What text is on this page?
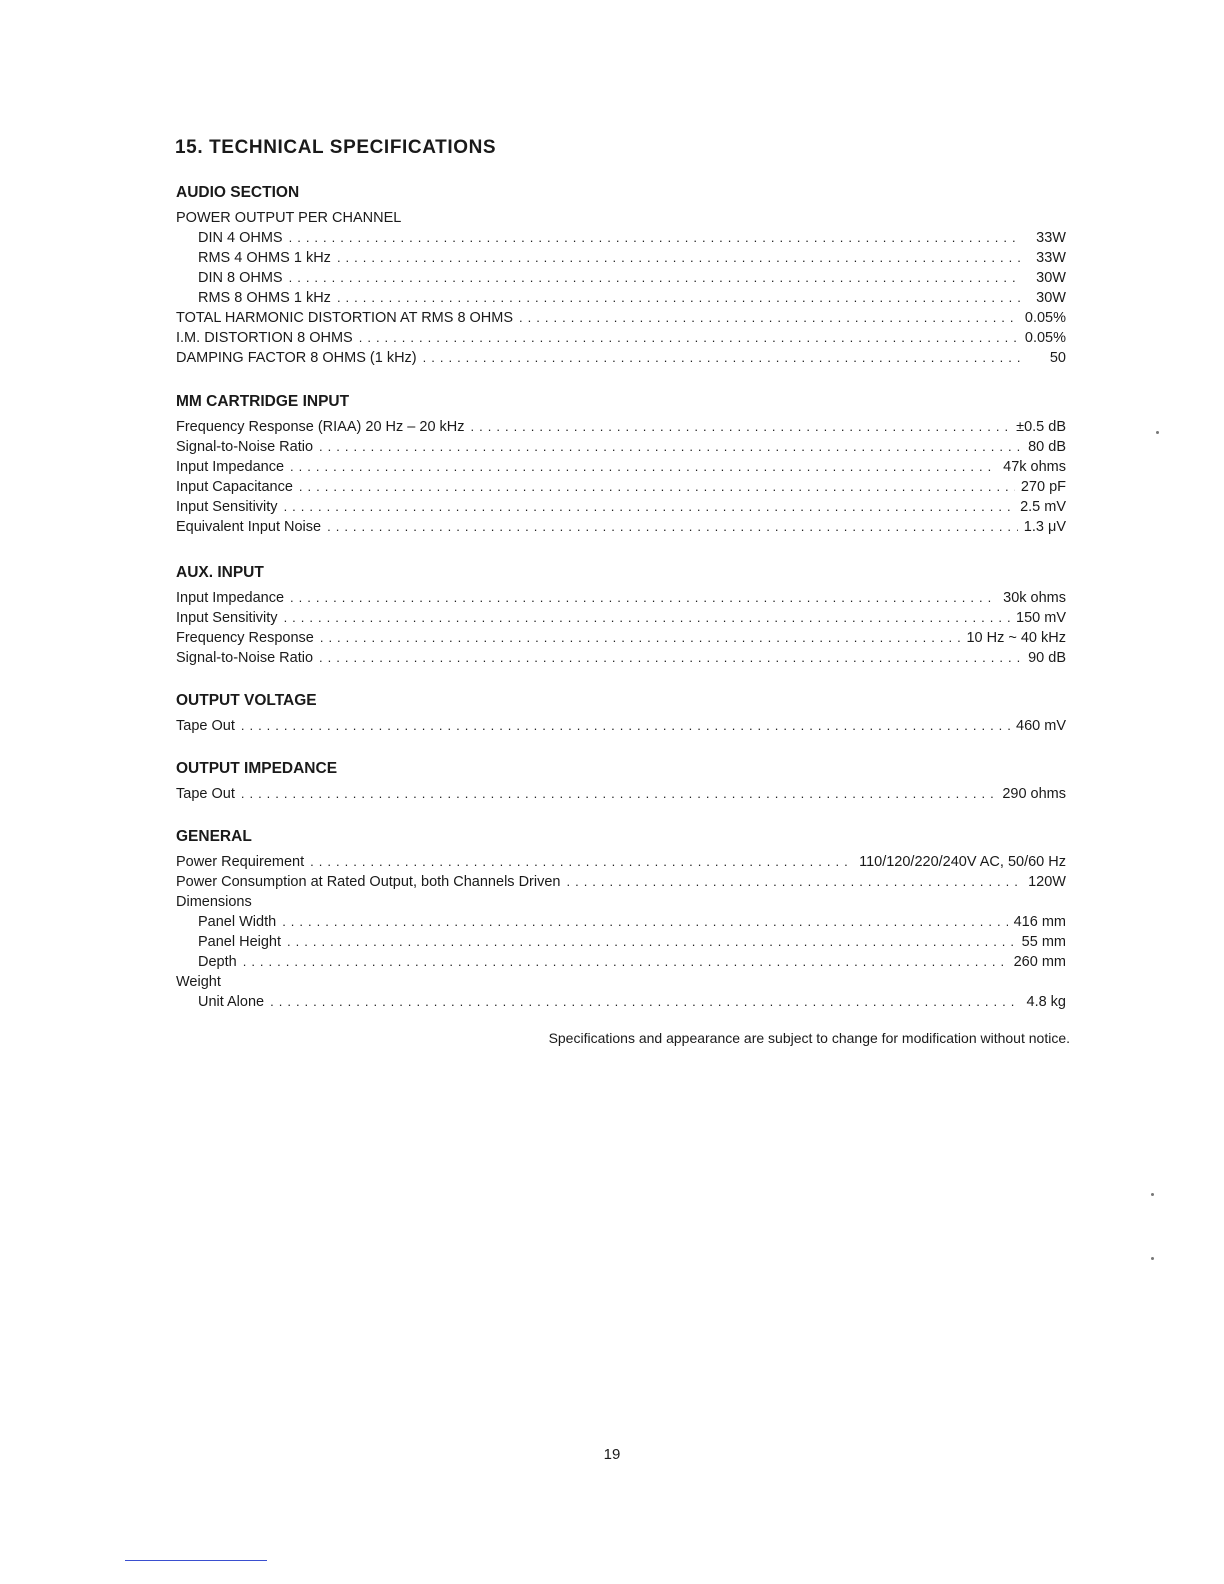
15. TECHNICAL SPECIFICATIONS
AUDIO SECTION
POWER OUTPUT PER CHANNEL
DIN 4 OHMS .....	33W
RMS 4 OHMS 1 kHz .....	33W
DIN 8 OHMS .....	30W
RMS 8 OHMS 1 kHz .....	30W
TOTAL HARMONIC DISTORTION AT RMS 8 OHMS .....	0.05%
I.M. DISTORTION 8 OHMS .....	0.05%
DAMPING FACTOR 8 OHMS (1 kHz) .....	50
MM CARTRIDGE INPUT
Frequency Response (RIAA) 20 Hz – 20 kHz .....	±0.5 dB
Signal-to-Noise Ratio .....	80 dB
Input Impedance .....	47k ohms
Input Capacitance .....	270 pF
Input Sensitivity .....	2.5 mV
Equivalent Input Noise .....	1.3 μV
AUX. INPUT
Input Impedance .....	30k ohms
Input Sensitivity .....	150 mV
Frequency Response .....	10 Hz ~ 40 kHz
Signal-to-Noise Ratio .....	90 dB
OUTPUT VOLTAGE
Tape Out .....	460 mV
OUTPUT IMPEDANCE
Tape Out .....	290 ohms
GENERAL
Power Requirement .....	110/120/220/240V AC, 50/60 Hz
Power Consumption at Rated Output, both Channels Driven .....	120W
Dimensions
Panel Width .....	416 mm
Panel Height .....	55 mm
Depth .....	260 mm
Weight
Unit Alone .....	4.8 kg
Specifications and appearance are subject to change for modification without notice.
19
